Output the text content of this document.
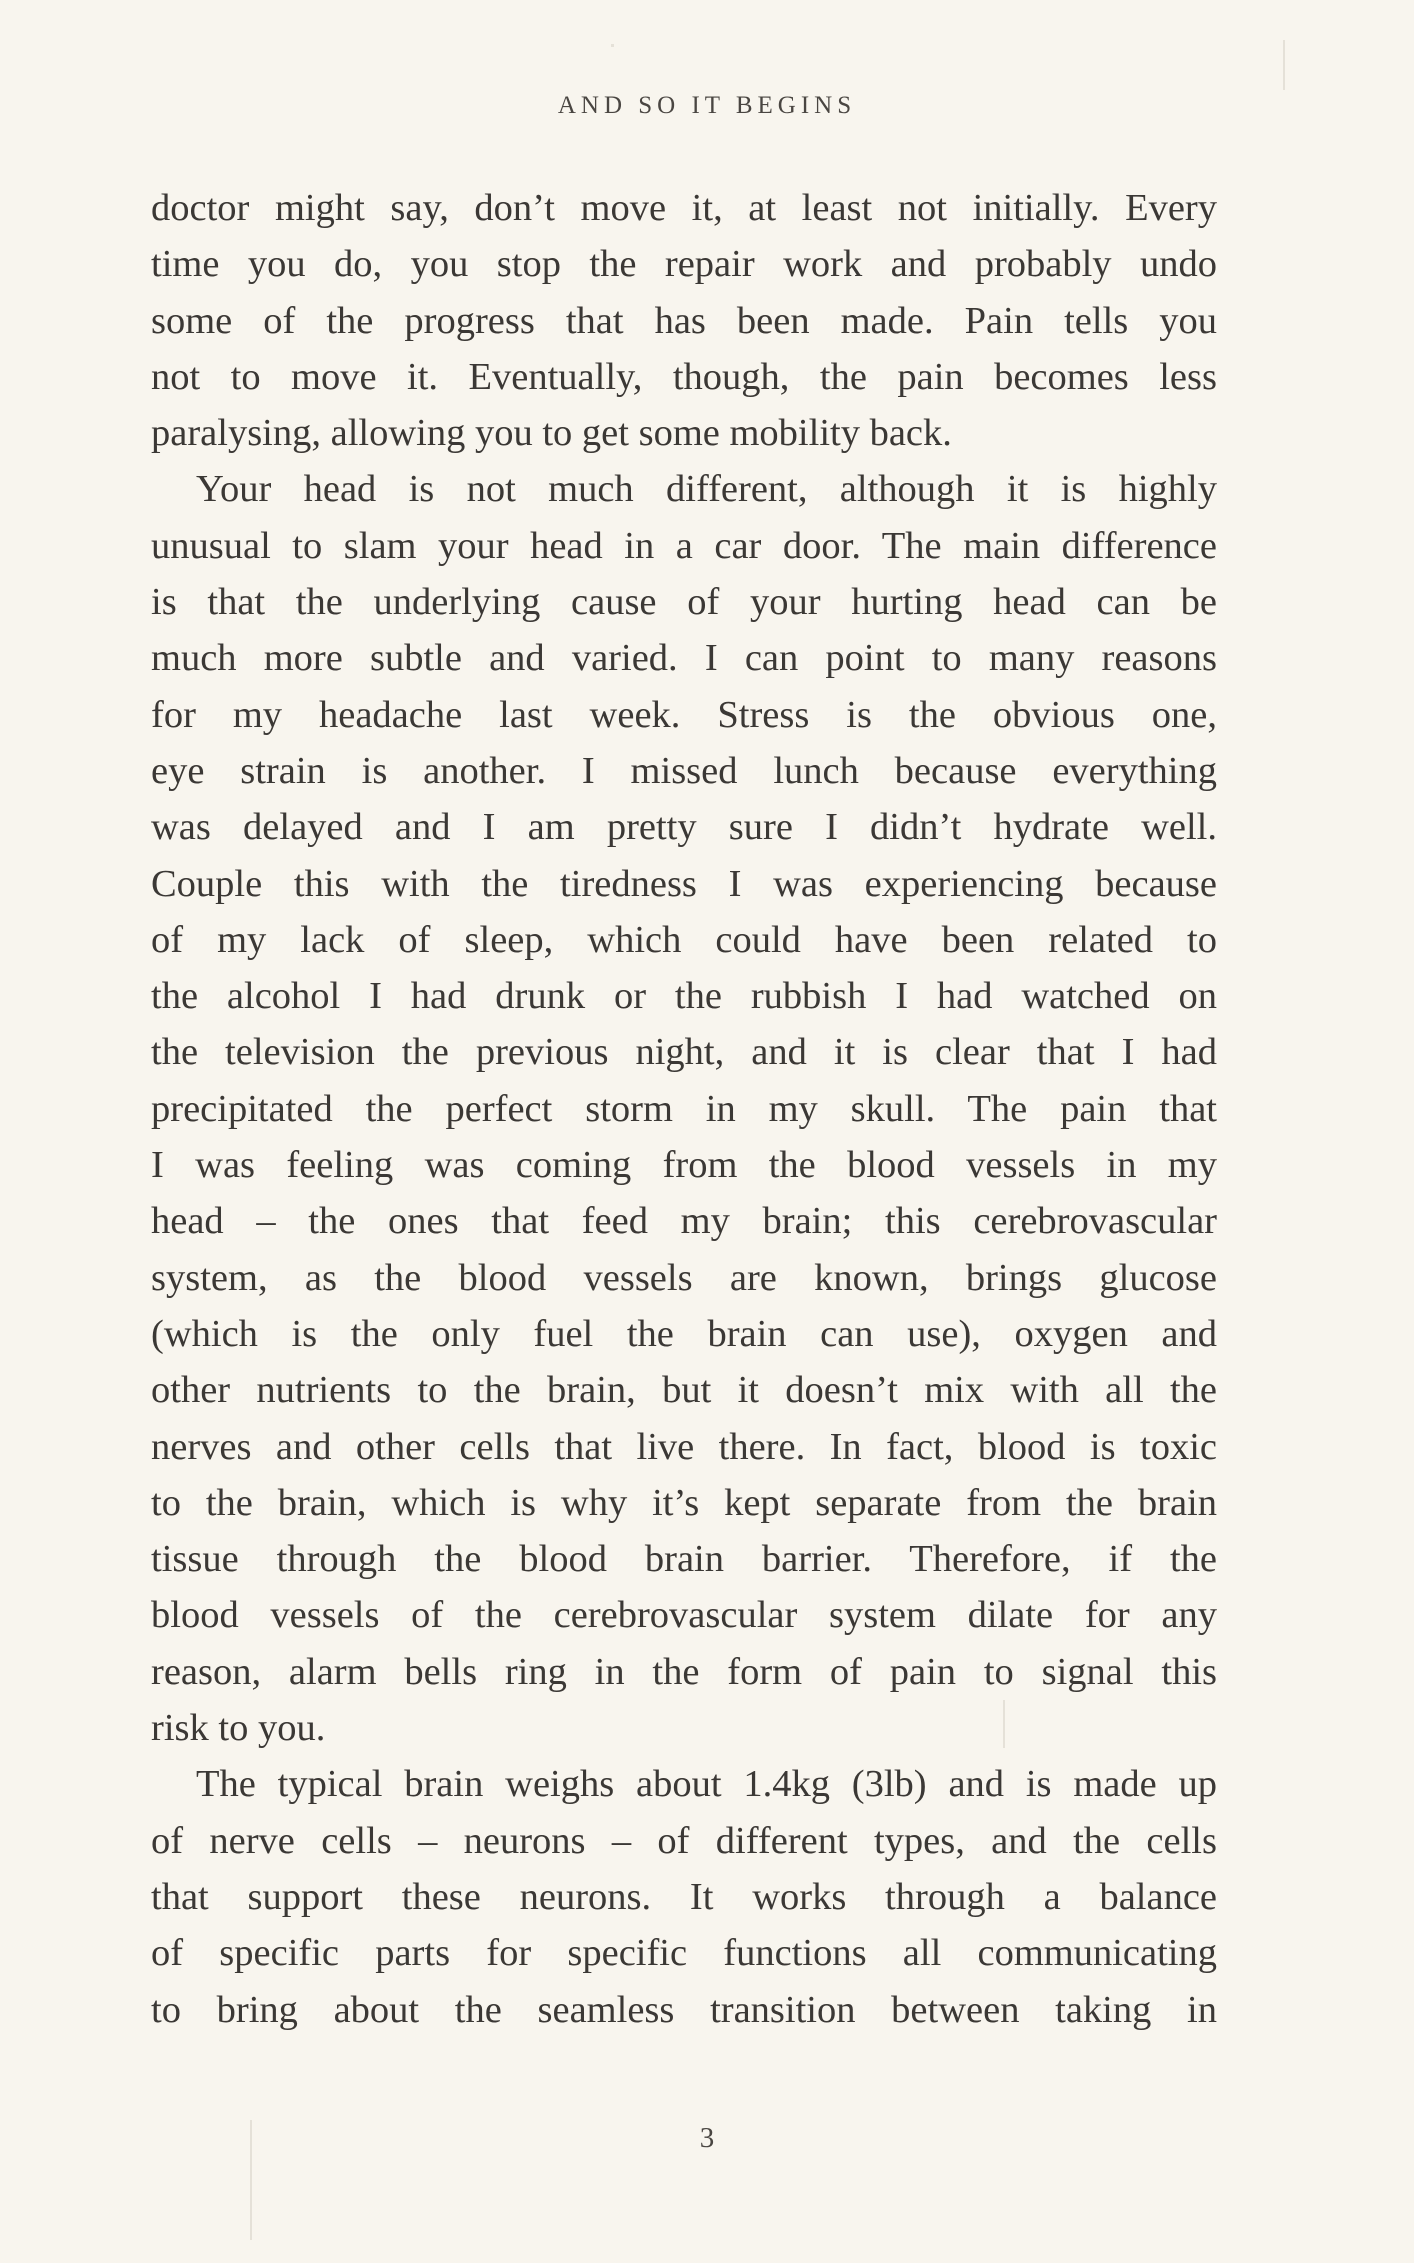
AND SO IT BEGINS
doctor might say, don’t move it, at least not initially. Every
time you do, you stop the repair work and probably undo
some of the progress that has been made. Pain tells you
not to move it. Eventually, though, the pain becomes less
paralysing, allowing you to get some mobility back.
Your head is not much different, although it is highly
unusual to slam your head in a car door. The main difference
is that the underlying cause of your hurting head can be
much more subtle and varied. I can point to many reasons
for my headache last week. Stress is the obvious one,
eye strain is another. I missed lunch because everything
was delayed and I am pretty sure I didn’t hydrate well.
Couple this with the tiredness I was experiencing because
of my lack of sleep, which could have been related to
the alcohol I had drunk or the rubbish I had watched on
the television the previous night, and it is clear that I had
precipitated the perfect storm in my skull. The pain that
I was feeling was coming from the blood vessels in my
head – the ones that feed my brain; this cerebrovascular
system, as the blood vessels are known, brings glucose
(which is the only fuel the brain can use), oxygen and
other nutrients to the brain, but it doesn’t mix with all the
nerves and other cells that live there. In fact, blood is toxic
to the brain, which is why it’s kept separate from the brain
tissue through the blood brain barrier. Therefore, if the
blood vessels of the cerebrovascular system dilate for any
reason, alarm bells ring in the form of pain to signal this
risk to you.
The typical brain weighs about 1.4kg (3lb) and is made up
of nerve cells – neurons – of different types, and the cells
that support these neurons. It works through a balance
of specific parts for specific functions all communicating
to bring about the seamless transition between taking in
3
